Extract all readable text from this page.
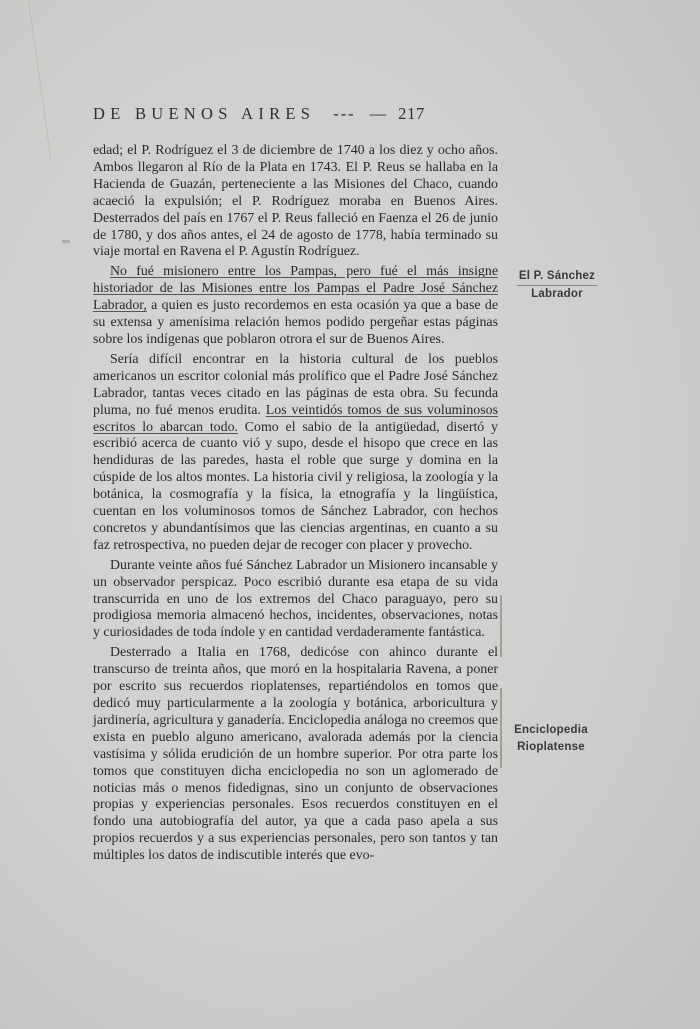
DE BUENOS AIRES --- — 217

edad; el P. Rodríguez el 3 de diciembre de 1740 a los diez y ocho años. Ambos llegaron al Río de la Plata en 1743. El P. Reus se hallaba en la Hacienda de Guazán, perteneciente a las Misiones del Chaco, cuando acaeció la expulsión; el P. Rodríguez moraba en Buenos Aires. Desterrados del país en 1767 el P. Reus falleció en Faenza el 26 de junio de 1780, y dos años antes, el 24 de agosto de 1778, había terminado su viaje mortal en Ravena el P. Agustín Rodríguez.

No fué misionero entre los Pampas, pero fué el más insigne historiador de las Misiones entre los Pampas el Padre José Sánchez Labrador, a quien es justo recordemos en esta ocasión ya que a base de su extensa y amenísima relación hemos podido pergeñar estas páginas sobre los indígenas que poblaron otrora el sur de Buenos Aires.

Sería difícil encontrar en la historia cultural de los pueblos americanos un escritor colonial más prolífico que el Padre José Sánchez Labrador, tantas veces citado en las páginas de esta obra. Su fecunda pluma, no fué menos erudita. Los veintidós tomos de sus voluminosos escritos lo abarcan todo. Como el sabio de la antigüedad, disertó y escribió acerca de cuanto vió y supo, desde el hisopo que crece en las hendiduras de las paredes, hasta el roble que surge y domina en la cúspide de los altos montes. La historia civil y religiosa, la zoología y la botánica, la cosmografía y la física, la etnografía y la lingüística, cuentan en los voluminosos tomos de Sánchez Labrador, con hechos concretos y abundantísimos que las ciencias argentinas, en cuanto a su faz retrospectiva, no pueden dejar de recoger con placer y provecho.

Durante veinte años fué Sánchez Labrador un Misionero incansable y un observador perspicaz. Poco escribió durante esa etapa de su vida transcurrida en uno de los extremos del Chaco paraguayo, pero su prodigiosa memoria almacenó hechos, incidentes, observaciones, notas y curiosidades de toda índole y en cantidad verdaderamente fantástica.

Desterrado a Italia en 1768, dedicóse con ahinco durante el transcurso de treinta años, que moró en la hospitalaria Ravena, a poner por escrito sus recuerdos rioplatenses, repartiéndolos en tomos que dedicó muy particularmente a la zoología y botánica, arboricultura y jardinería, agricultura y ganadería. Enciclopedia análoga no creemos que exista en pueblo alguno americano, avalorada además por la ciencia vastísima y sólida erudición de un hombre superior. Por otra parte los tomos que constituyen dicha enciclopedia no son un aglomerado de noticias más o menos fidedignas, sino un conjunto de observaciones propias y experiencias personales. Esos recuerdos constituyen en el fondo una autobiografía del autor, ya que a cada paso apela a sus propios recuerdos y a sus experiencias personales, pero son tantos y tan múltiples los datos de indiscutible interés que evo-

El P. Sánchez
Labrador
Enciclopedia
Rioplatense
